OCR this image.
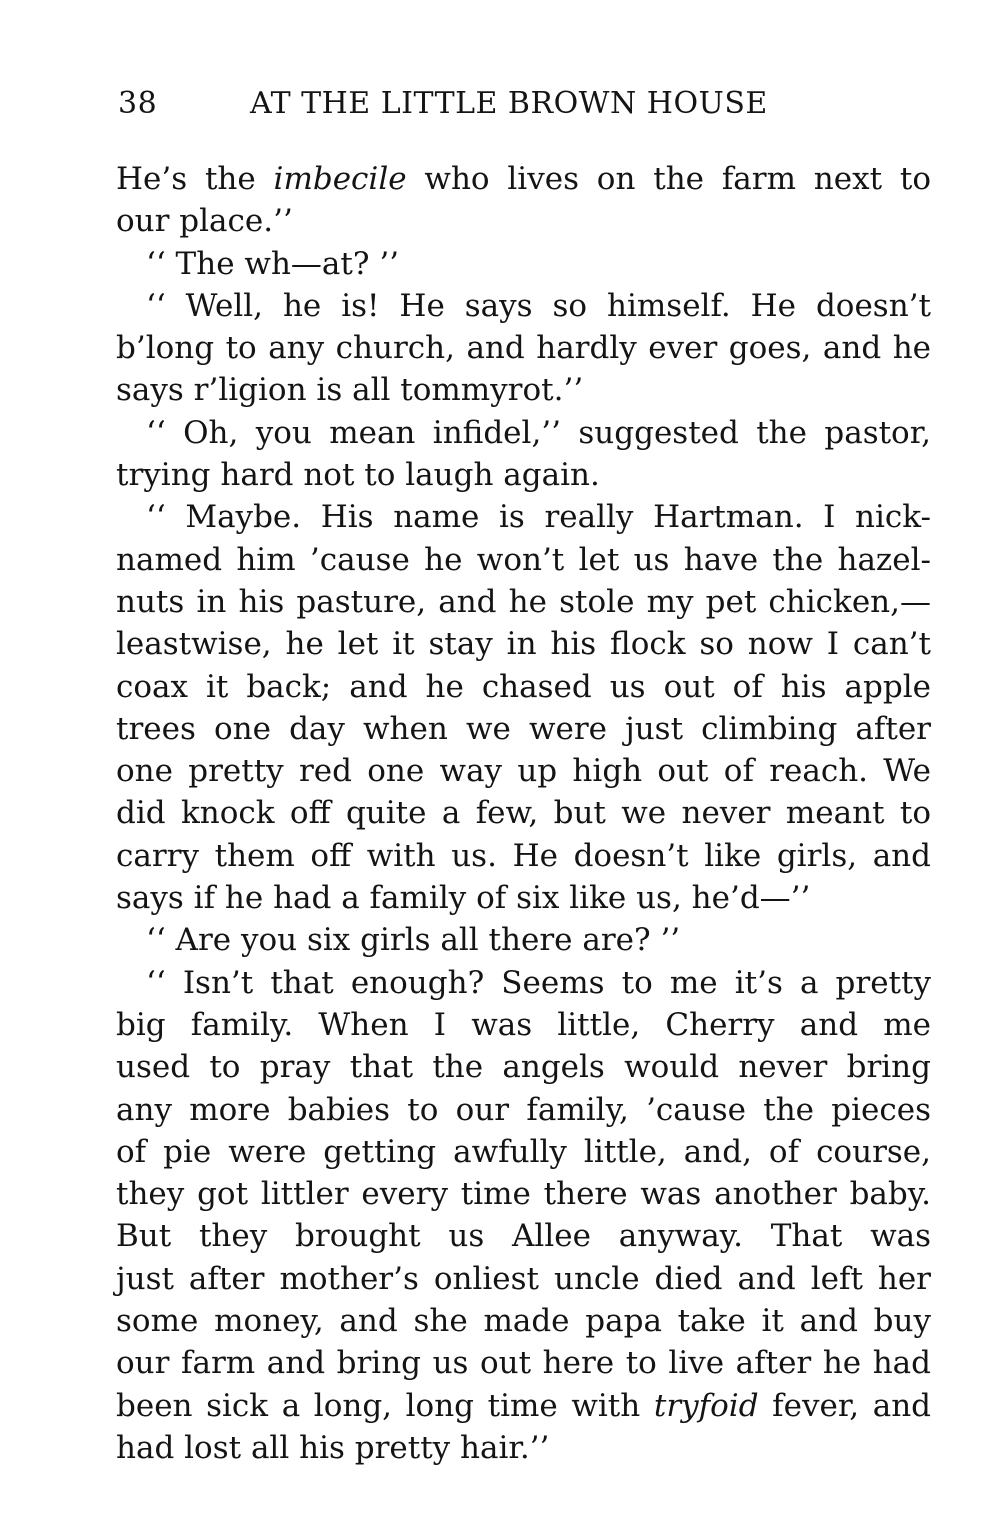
38	AT THE LITTLE BROWN HOUSE
He’s the imbecile who lives on the farm next to
our place.’’
‘‘ The wh—at? ’’
‘‘ Well, he is! He says so himself. He doesn’t
b’long to any church, and hardly ever goes, and he
says r’ligion is all tommyrot.’’
‘‘ Oh, you mean infidel,’’ suggested the pastor,
trying hard not to laugh again.
‘‘ Maybe. His name is really Hartman. I nick-
named him ’cause he won’t let us have the hazel-
nuts in his pasture, and he stole my pet chicken,—
leastwise, he let it stay in his flock so now I can’t
coax it back; and he chased us out of his apple
trees one day when we were just climbing after
one pretty red one way up high out of reach. We
did knock off quite a few, but we never meant to
carry them off with us. He doesn’t like girls, and
says if he had a family of six like us, he’d—’’
‘‘ Are you six girls all there are? ’’
‘‘ Isn’t that enough? Seems to me it’s a pretty
big family. When I was little, Cherry and me
used to pray that the angels would never bring
any more babies to our family, ’cause the pieces
of pie were getting awfully little, and, of course,
they got littler every time there was another baby.
But they brought us Allee anyway. That was
just after mother’s onliest uncle died and left her
some money, and she made papa take it and buy
our farm and bring us out here to live after he had
been sick a long, long time with tryfoid fever, and
had lost all his pretty hair.’’
